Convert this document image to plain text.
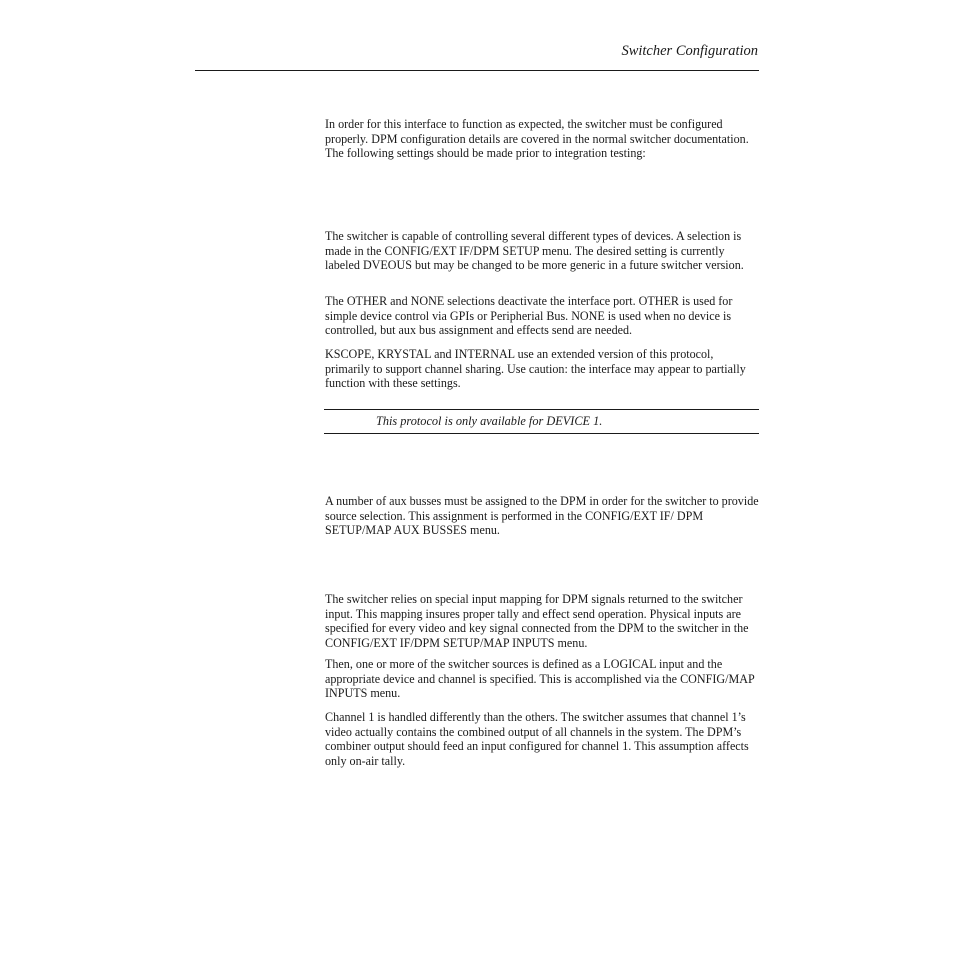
Switcher Configuration

In order for this interface to function as expected, the switcher must be configured properly. DPM configuration details are covered in the normal switcher documentation. The following settings should be made prior to integration testing:

The switcher is capable of controlling several different types of devices. A selection is made in the CONFIG/EXT IF/DPM SETUP menu. The desired setting is currently labeled DVEOUS but may be changed to be more generic in a future switcher version.

The OTHER and NONE selections deactivate the interface port. OTHER is used for simple device control via GPIs or Peripherial Bus. NONE is used when no device is controlled, but aux bus assignment and effects send are needed.

KSCOPE, KRYSTAL and INTERNAL use an extended version of this protocol, primarily to support channel sharing. Use caution: the interface may appear to partially function with these settings.

This protocol is only available for DEVICE 1.

A number of aux busses must be assigned to the DPM in order for the switcher to provide source selection. This assignment is performed in the CONFIG/EXT IF/ DPM SETUP/MAP AUX BUSSES menu.

The switcher relies on special input mapping for DPM signals returned to the switcher input. This mapping insures proper tally and effect send operation. Physical inputs are specified for every video and key signal connected from the DPM to the switcher in the CONFIG/EXT IF/DPM SETUP/MAP INPUTS menu.

Then, one or more of the switcher sources is defined as a LOGICAL input and the appropriate device and channel is specified. This is accomplished via the CONFIG/MAP INPUTS menu.

Channel 1 is handled differently than the others. The switcher assumes that channel 1’s video actually contains the combined output of all channels in the system. The DPM’s combiner output should feed an input configured for channel 1. This assumption affects only on-air tally.
